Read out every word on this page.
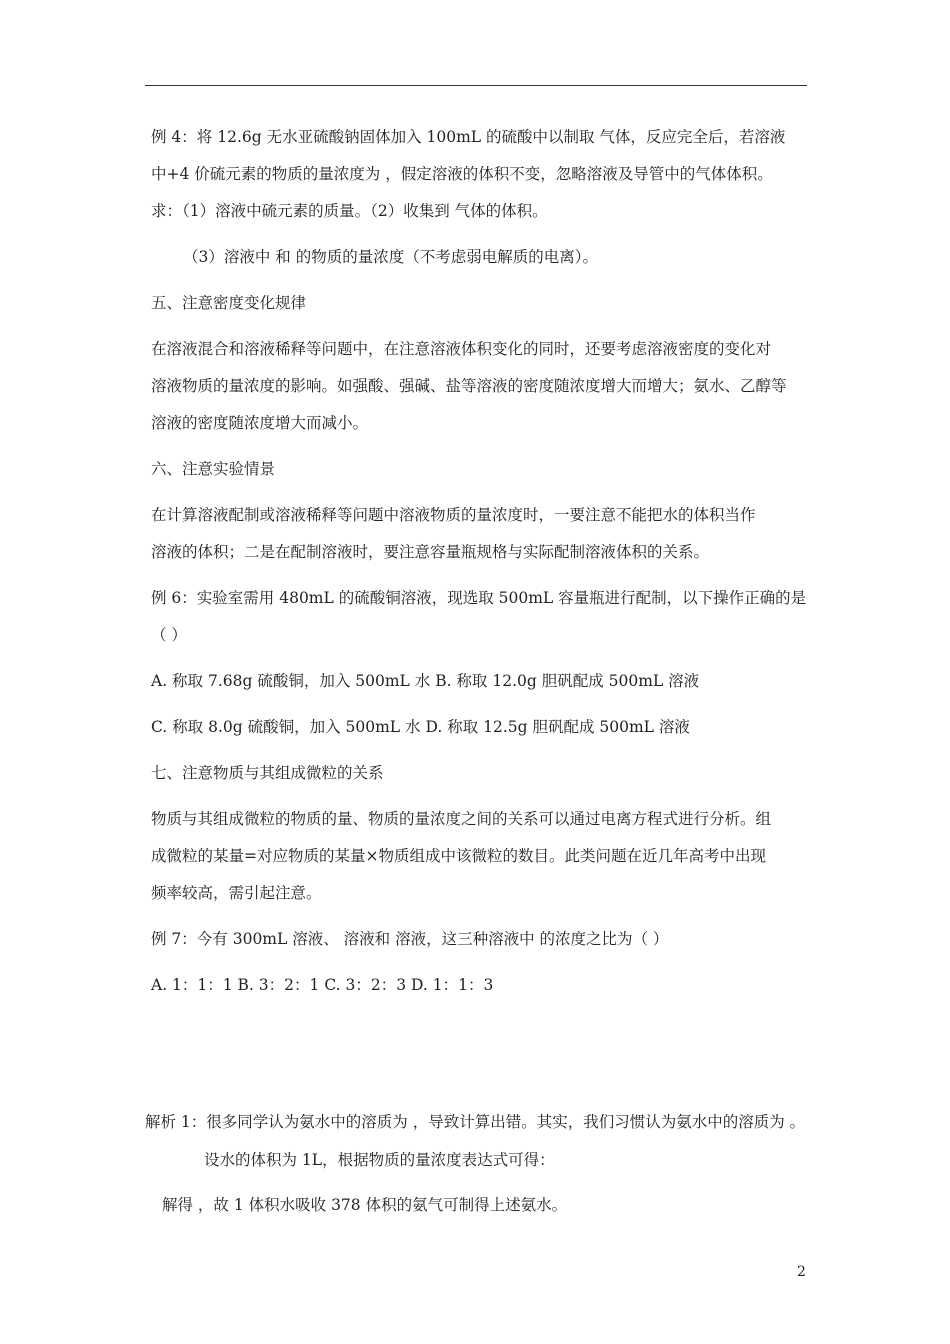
例 4：将 12.6g 无水亚硫酸钠固体加入 100mL 的硫酸中以制取 气体，反应完全后，若溶液
中+4 价硫元素的物质的量浓度为 ，假定溶液的体积不变，忽略溶液及导管中的气体体积。
求：（1）溶液中硫元素的质量。（2）收集到 气体的体积。
（3）溶液中 和 的物质的量浓度（不考虑弱电解质的电离）。
五、注意密度变化规律
在溶液混合和溶液稀释等问题中，在注意溶液体积变化的同时，还要考虑溶液密度的变化对
溶液物质的量浓度的影响。如强酸、强碱、盐等溶液的密度随浓度增大而增大；氨水、乙醇等
溶液的密度随浓度增大而减小。
六、注意实验情景
在计算溶液配制或溶液稀释等问题中溶液物质的量浓度时，一要注意不能把水的体积当作
溶液的体积；二是在配制溶液时，要注意容量瓶规格与实际配制溶液体积的关系。
例 6：实验室需用 480mL 的硫酸铜溶液，现选取 500mL 容量瓶进行配制，以下操作正确的是
（ ）
A. 称取 7.68g 硫酸铜，加入 500mL 水 B. 称取 12.0g 胆矾配成 500mL 溶液
C. 称取 8.0g 硫酸铜，加入 500mL 水 D. 称取 12.5g 胆矾配成 500mL 溶液
七、注意物质与其组成微粒的关系
物质与其组成微粒的物质的量、物质的量浓度之间的关系可以通过电离方程式进行分析。组
成微粒的某量=对应物质的某量×物质组成中该微粒的数目。此类问题在近几年高考中出现
频率较高，需引起注意。
例 7：今有 300mL 溶液、 溶液和 溶液，这三种溶液中 的浓度之比为（ ）
A. 1：1：1 B. 3：2：1 C. 3：2：3 D. 1：1：3
解析 1：很多同学认为氨水中的溶质为 ，导致计算出错。其实，我们习惯认为氨水中的溶质为 。
设水的体积为 1L，根据物质的量浓度表达式可得：
解得 ，故 1 体积水吸收 378 体积的氨气可制得上述氨水。
2
